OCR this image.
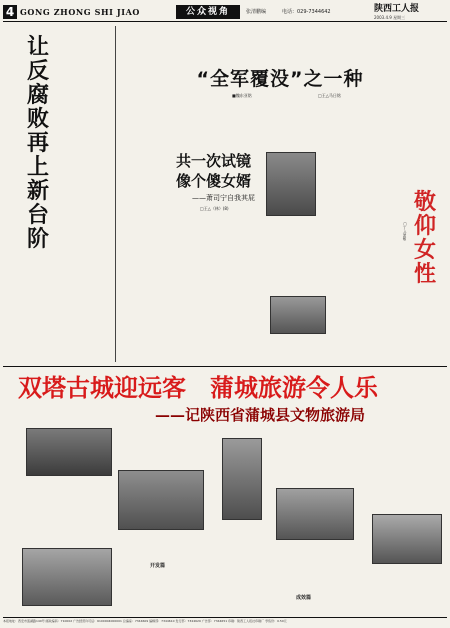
4 GONG ZHONG SHI JIAO	公众视角	张清鹏编	电话：029-7344642	陕西工人报
2003.4.9 星期三
让
反
腐
败
再
上
新
台
阶
“全军覆没”之一种
■魏东亚铭	□王△马日铭
共一次试镜
像个傻女婿
——萧司宁自我其屁
□王△（林）(8)	敬
仰
女
性
□丁△萧敏
双塔古城迎远客　蒲城旅游令人乐
——记陕西省蒲城县文物旅游局
开发篇
成效篇
本报地址：西安市莲湖路140号 邮政编码：710002 广告经营许可证：6100004000001 总编室：7344609 编辑部：7344610 发行部：7344629 广告部：7344651 印刷：陕西工人报社印刷厂 零售价：0.50元
